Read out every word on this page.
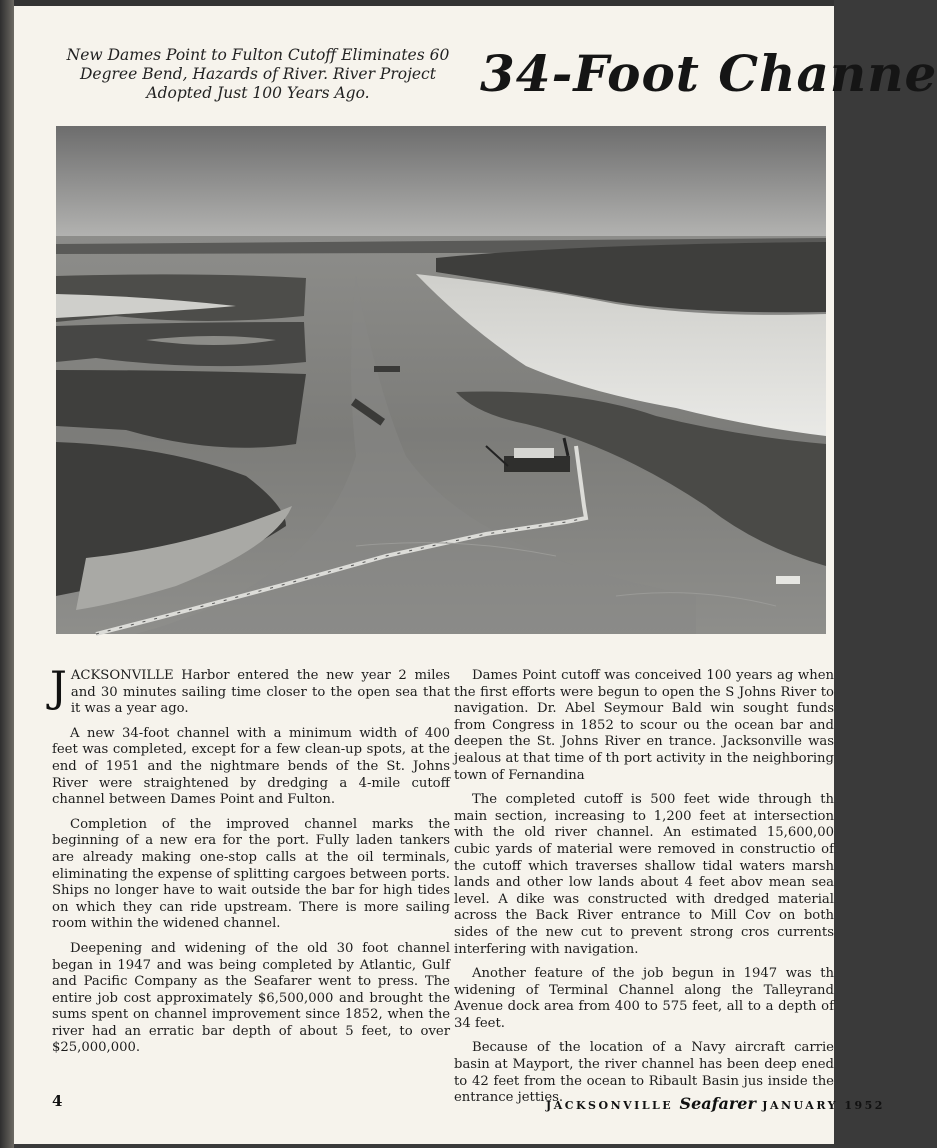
New Dames Point to Fulton Cutoff Eliminates 60 Degree Bend, Hazards of River. River Project Adopted Just 100 Years Ago.	34-Foot Channe

JACKSONVILLE Harbor entered the new year 2 miles and 30 minutes sailing time closer to the open sea that it was a year ago.

A new 34-foot channel with a minimum width of 400 feet was completed, except for a few clean-up spots, at the end of 1951 and the nightmare bends of the St. Johns River were straightened by dredging a 4-mile cutoff channel between Dames Point and Fulton.

Completion of the improved channel marks the beginning of a new era for the port. Fully laden tankers are already making one-stop calls at the oil terminals, eliminating the expense of splitting cargoes between ports. Ships no longer have to wait outside the bar for high tides on which they can ride upstream. There is more sailing room within the widened channel.

Deepening and widening of the old 30 foot channel began in 1947 and was being completed by Atlantic, Gulf and Pacific Company as the Seafarer went to press. The entire job cost approximately $6,500,000 and brought the sums spent on channel improvement since 1852, when the river had an erratic bar depth of about 5 feet, to over $25,000,000.

Dames Point cutoff was conceived 100 years ag when the first efforts were begun to open the S Johns River to navigation. Dr. Abel Seymour Bald win sought funds from Congress in 1852 to scour ou the ocean bar and deepen the St. Johns River en trance. Jacksonville was jealous at that time of th port activity in the neighboring town of Fernandina

The completed cutoff is 500 feet wide through th main section, increasing to 1,200 feet at intersection with the old river channel. An estimated 15,600,00 cubic yards of material were removed in constructio of the cutoff which traverses shallow tidal waters marsh lands and other low lands about 4 feet abov mean sea level. A dike was constructed with dredged material across the Back River entrance to Mill Cov on both sides of the new cut to prevent strong cros currents interfering with navigation.

Another feature of the job begun in 1947 was th widening of Terminal Channel along the Talleyrand Avenue dock area from 400 to 575 feet, all to a depth of 34 feet.

Because of the location of a Navy aircraft carrie basin at Mayport, the river channel has been deep ened to 42 feet from the ocean to Ribault Basin jus inside the entrance jetties.

4	JACKSONVILLE Seafarer JANUARY 1952
